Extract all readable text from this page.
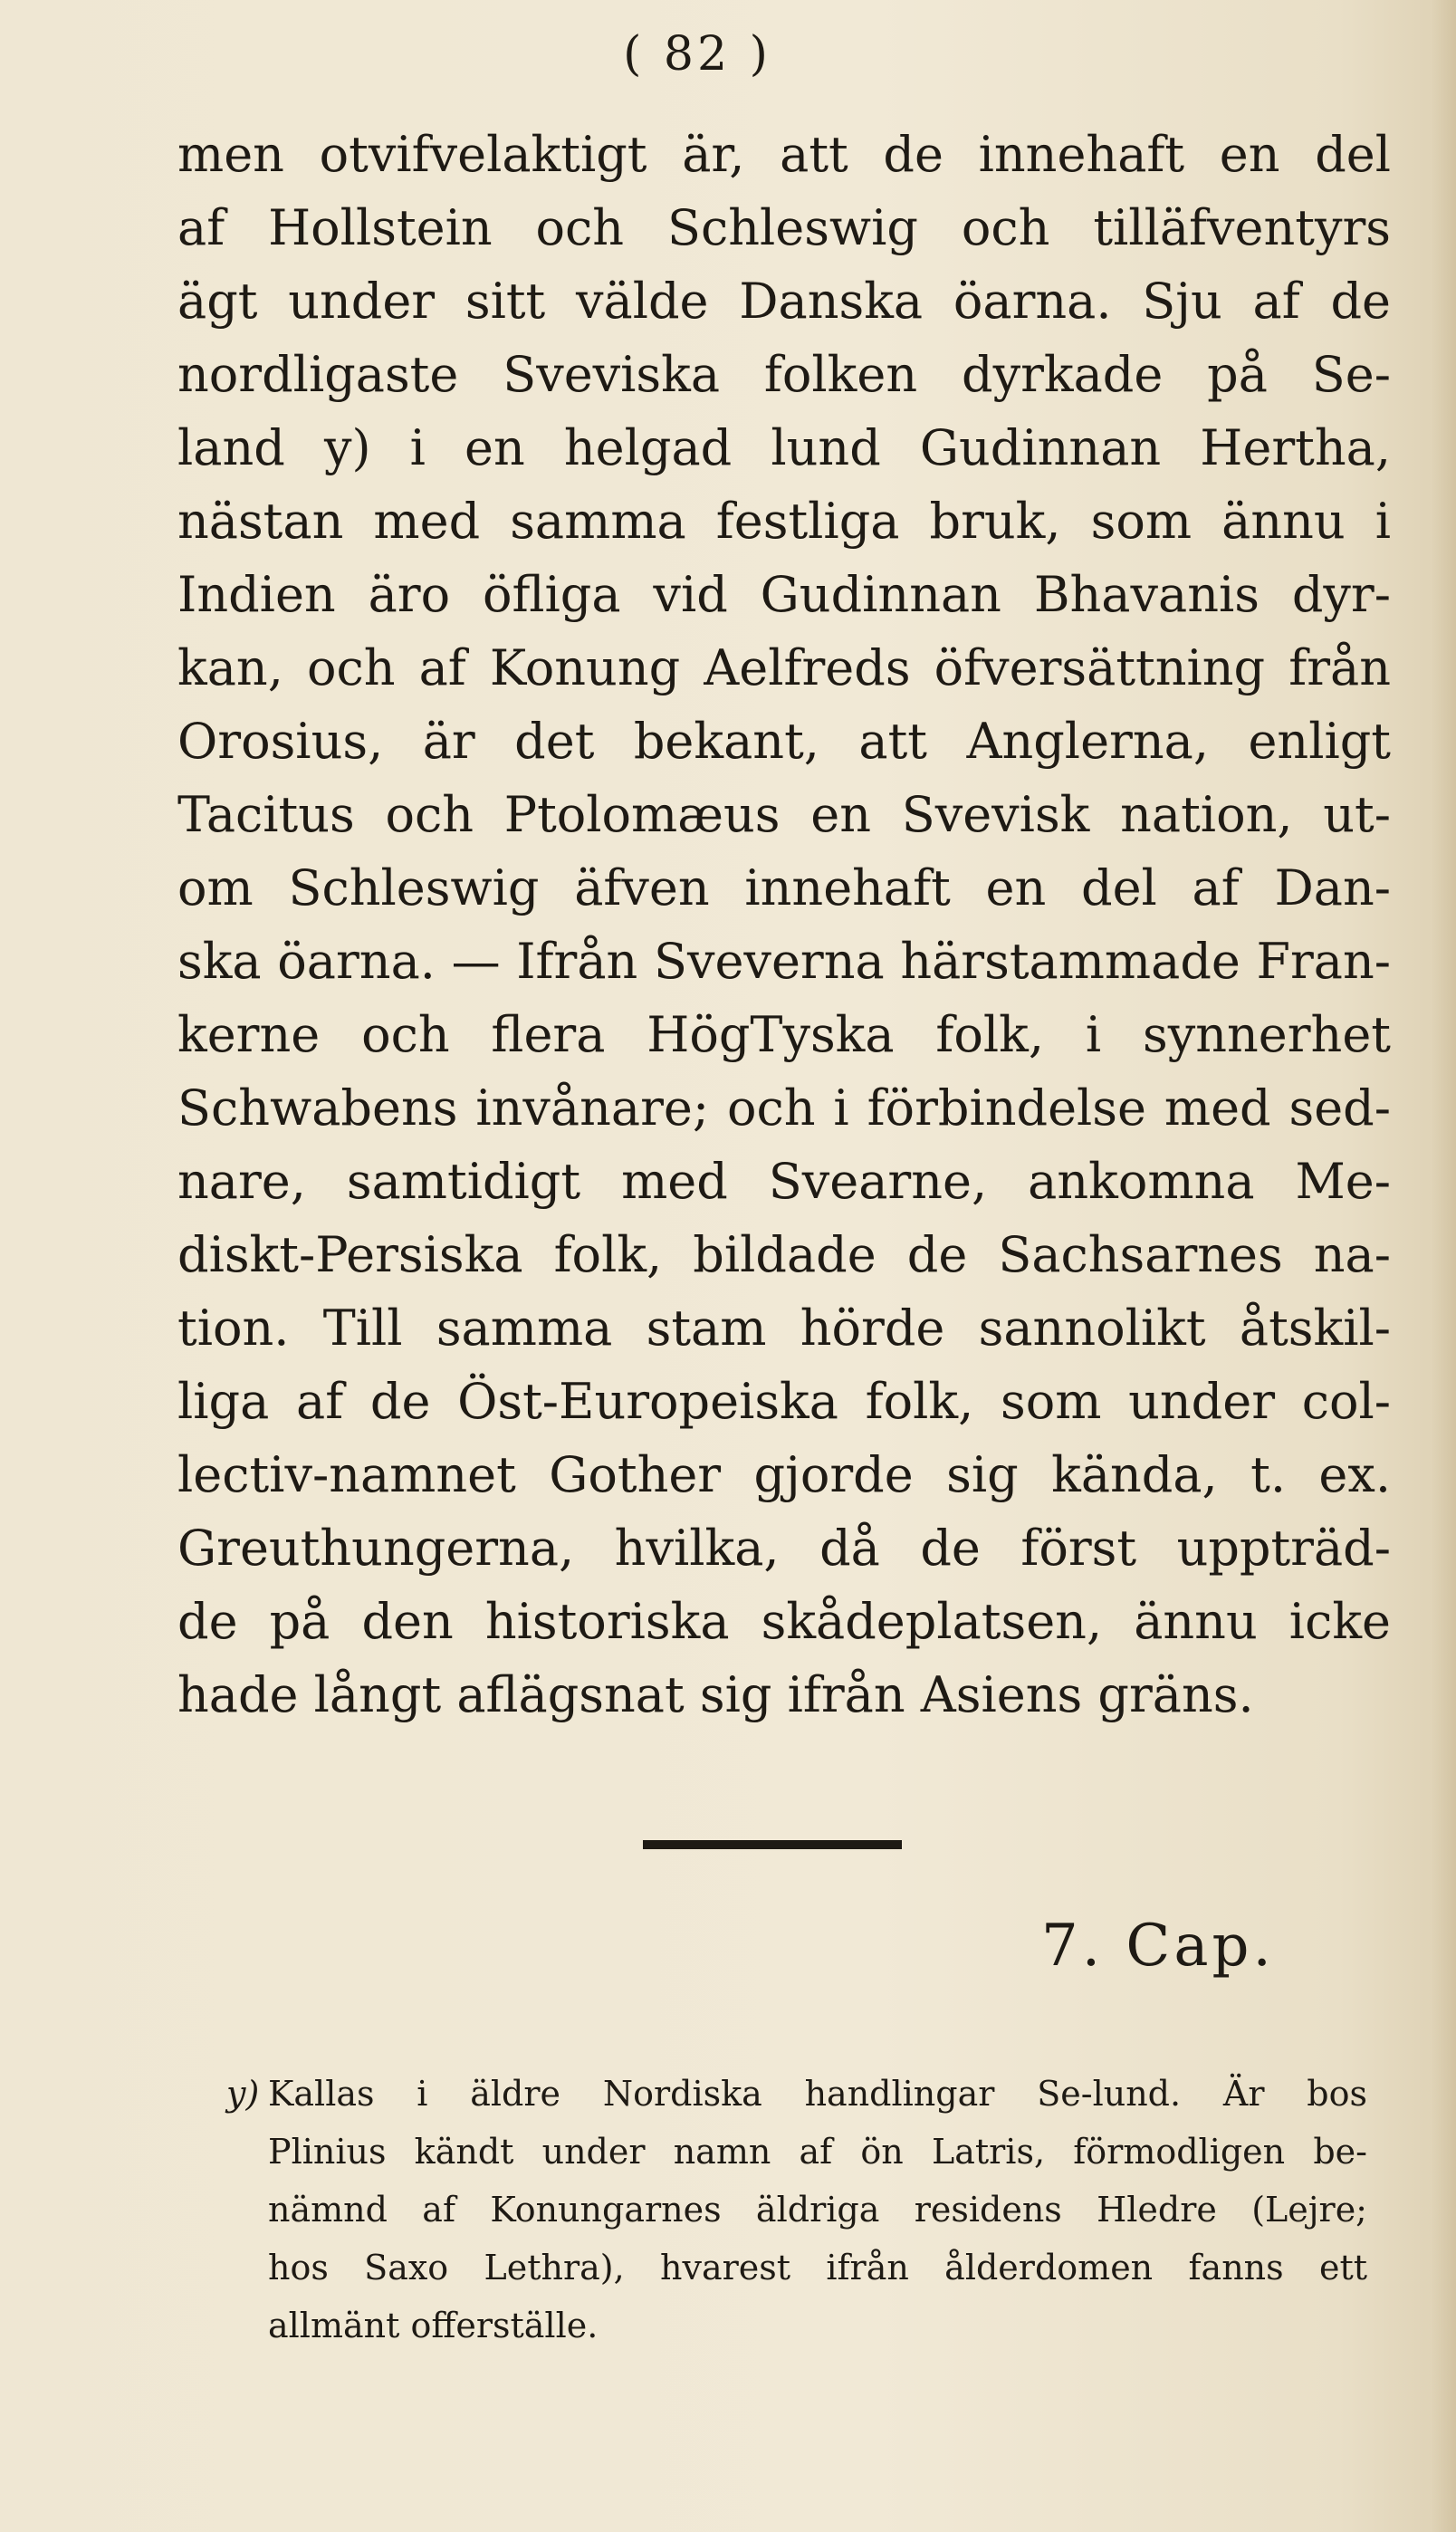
( 82 )
men otvifvelaktigt är, att de innehaft en del
af Hollstein och Schleswig och tilläfventyrs
ägt under sitt välde Danska öarna. Sju af de
nordligaste Sveviska folken dyrkade på Se-
land y) i en helgad lund Gudinnan Hertha,
nästan med samma festliga bruk, som ännu i
Indien äro öfliga vid Gudinnan Bhavanis dyr-
kan, och af Konung Aelfreds öfversättning från
Orosius, är det bekant, att Anglerna, enligt
Tacitus och Ptolomæus en Svevisk nation, ut-
om Schleswig äfven innehaft en del af Dan-
ska öarna. — Ifrån Sveverna härstammade Fran-
kerne och flera HögTyska folk, i synnerhet
Schwabens invånare; och i förbindelse med sed-
nare, samtidigt med Svearne, ankomna Me-
diskt-Persiska folk, bildade de Sachsarnes na-
tion. Till samma stam hörde sannolikt åtskil-
liga af de Öst-Europeiska folk, som under col-
lectiv-namnet Gother gjorde sig kända, t. ex.
Greuthungerna, hvilka, då de först uppträd-
de på den historiska skådeplatsen, ännu icke
hade långt aflägsnat sig ifrån Asiens gräns.
7. Cap.
y) Kallas i äldre Nordiska handlingar Se-lund. Är bos
Plinius kändt under namn af ön Latris, förmodligen be-
nämnd af Konungarnes äldriga residens Hledre (Lejre;
hos Saxo Lethra), hvarest ifrån ålderdomen fanns ett
allmänt offerställe.
